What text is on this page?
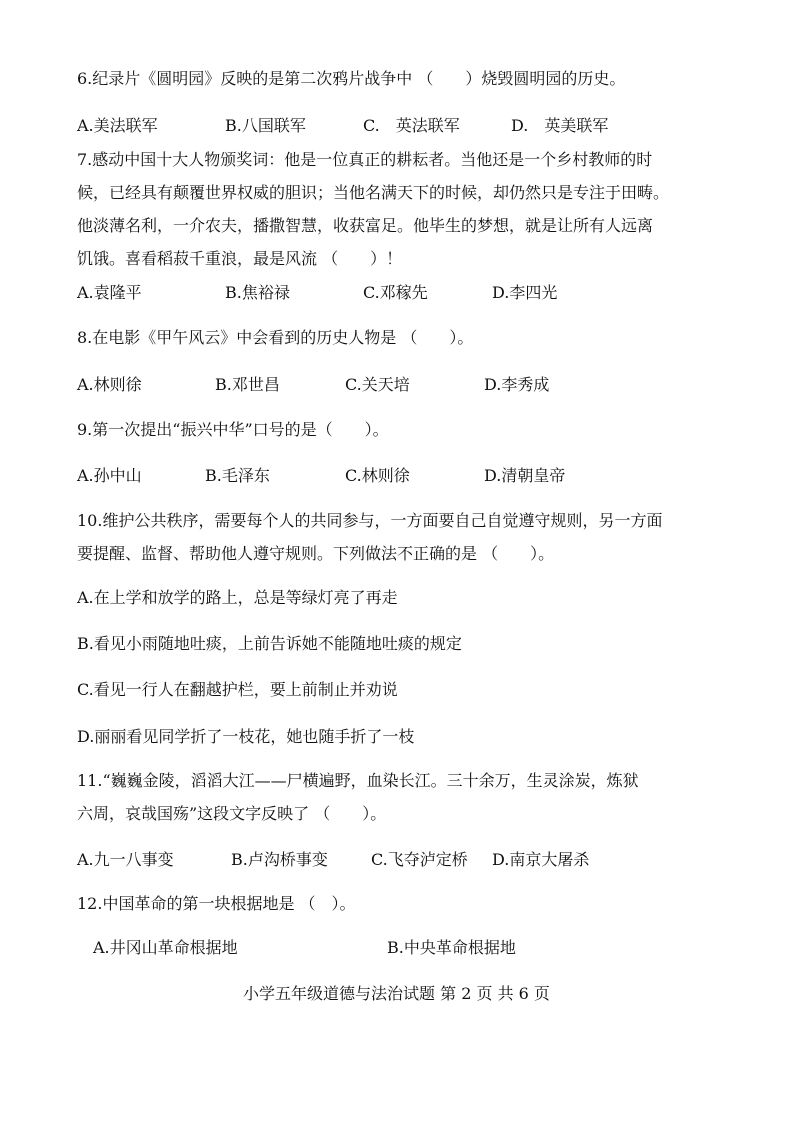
6.纪录片《圆明园》反映的是第二次鸦片战争中 （　　）烧毁圆明园的历史。
A.美法联军	B.八国联军	C.　英法联军	D.　英美联军
7.感动中国十大人物颁奖词：他是一位真正的耕耘者。当他还是一个乡村教师的时
候，已经具有颠覆世界权威的胆识；当他名满天下的时候，却仍然只是专注于田畴。
他淡薄名利，一介农夫，播撒智慧，收获富足。他毕生的梦想，就是让所有人远离
饥饿。喜看稻菽千重浪，最是风流 （　　）！
A.袁隆平	B.焦裕禄	C.邓稼先	D.李四光
8.在电影《甲午风云》中会看到的历史人物是 （　　）。
A.林则徐	B.邓世昌	C.关天培	D.李秀成
9.第一次提出“振兴中华”口号的是（　　）。
A.孙中山	B.毛泽东	C.林则徐	D.清朝皇帝
10.维护公共秩序，需要每个人的共同参与，一方面要自己自觉遵守规则，另一方面
要提醒、监督、帮助他人遵守规则。下列做法不正确的是 （　　）。
A.在上学和放学的路上，总是等绿灯亮了再走
B.看见小雨随地吐痰，上前告诉她不能随地吐痰的规定
C.看见一行人在翻越护栏，要上前制止并劝说
D.丽丽看见同学折了一枝花，她也随手折了一枝
11.“巍巍金陵，滔滔大江——尸横遍野，血染长江。三十余万，生灵涂炭，炼狱
六周，哀哉国殇”这段文字反映了 （　　）。
A.九一八事变	B.卢沟桥事变	C.飞夺泸定桥 D.南京大屠杀
12.中国革命的第一块根据地是 （　）。
A.井冈山革命根据地	B.中央革命根据地
小学五年级道德与法治试题 第 2 页 共 6 页
